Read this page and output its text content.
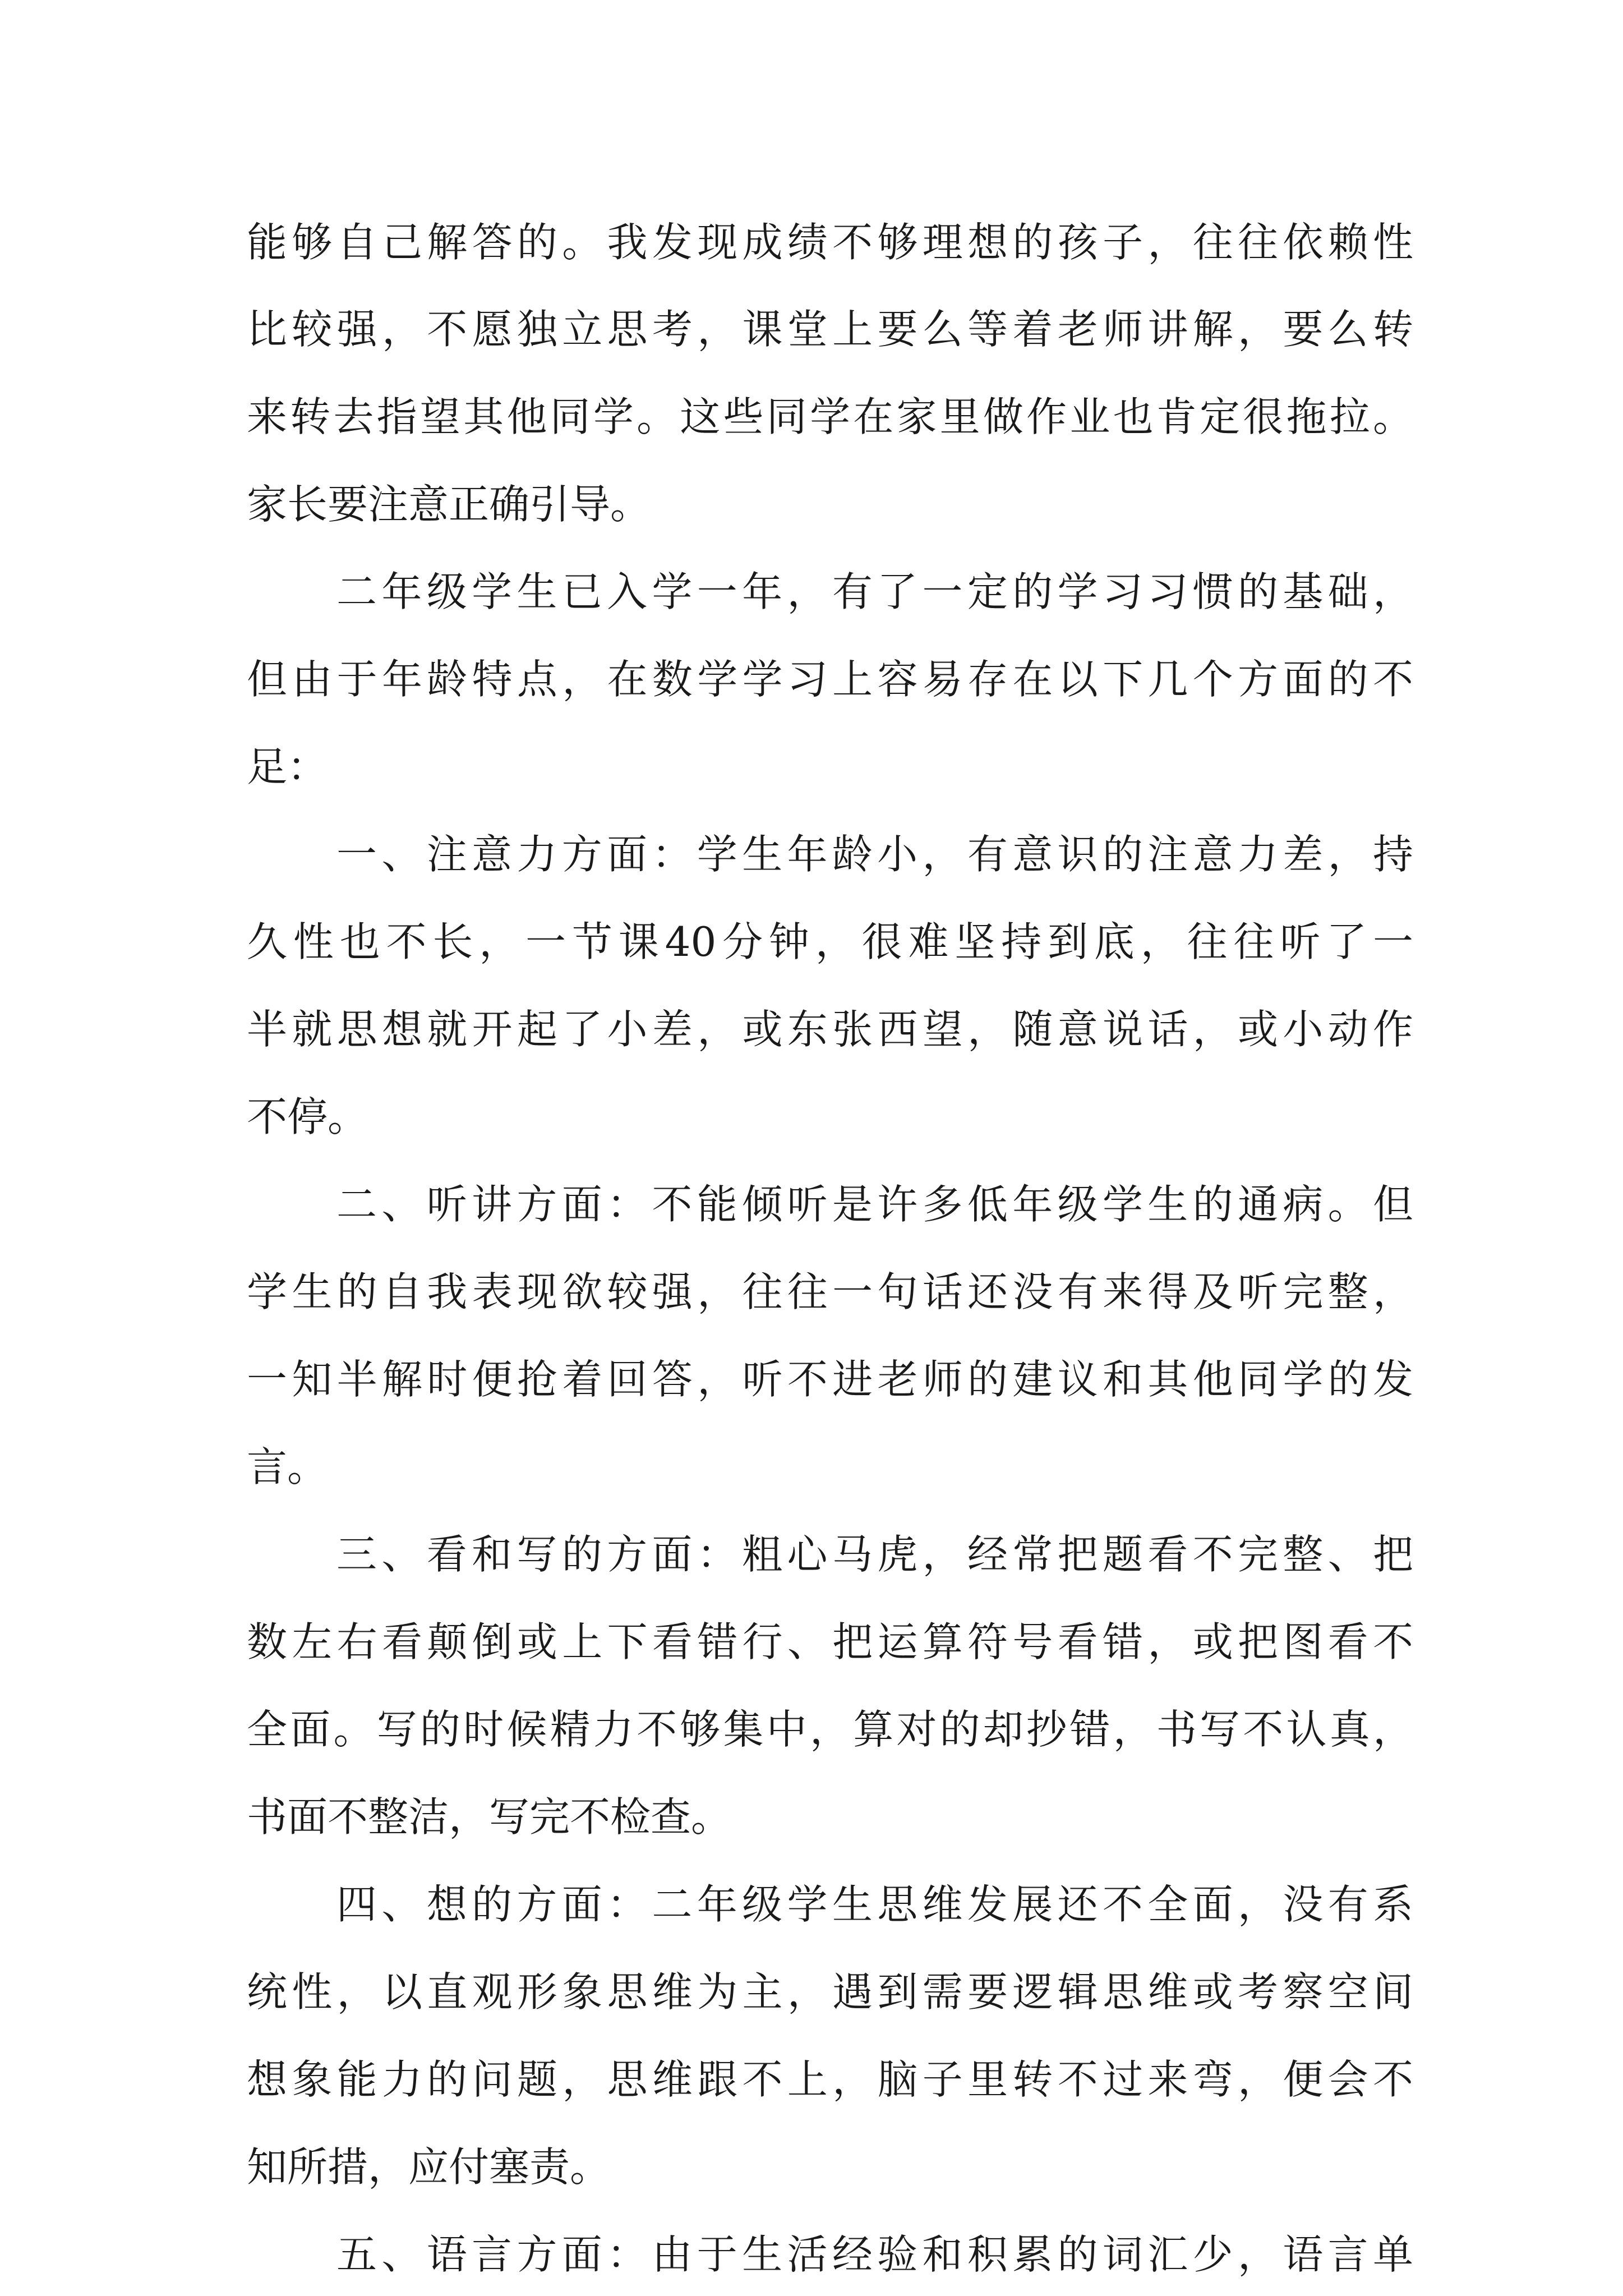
能够自己解答的。我发现成绩不够理想的孩子，往往依赖性

比较强，不愿独立思考，课堂上要么等着老师讲解，要么转

来转去指望其他同学。这些同学在家里做作业也肯定很拖拉。

家长要注意正确引导。

二年级学生已入学一年，有了一定的学习习惯的基础，

但由于年龄特点，在数学学习上容易存在以下几个方面的不

足：

一、注意力方面：学生年龄小，有意识的注意力差，持

久性也不长，一节课40分钟，很难坚持到底，往往听了一

半就思想就开起了小差，或东张西望，随意说话，或小动作

不停。

二、听讲方面：不能倾听是许多低年级学生的通病。但

学生的自我表现欲较强，往往一句话还没有来得及听完整，

一知半解时便抢着回答，听不进老师的建议和其他同学的发

言。

三、看和写的方面：粗心马虎，经常把题看不完整、把

数左右看颠倒或上下看错行、把运算符号看错，或把图看不

全面。写的时候精力不够集中，算对的却抄错，书写不认真，

书面不整洁，写完不检查。

四、想的方面：二年级学生思维发展还不全面，没有系

统性，以直观形象思维为主，遇到需要逻辑思维或考察空间

想象能力的问题，思维跟不上，脑子里转不过来弯，便会不

知所措，应付塞责。

五、语言方面：由于生活经验和积累的词汇少，语言单
